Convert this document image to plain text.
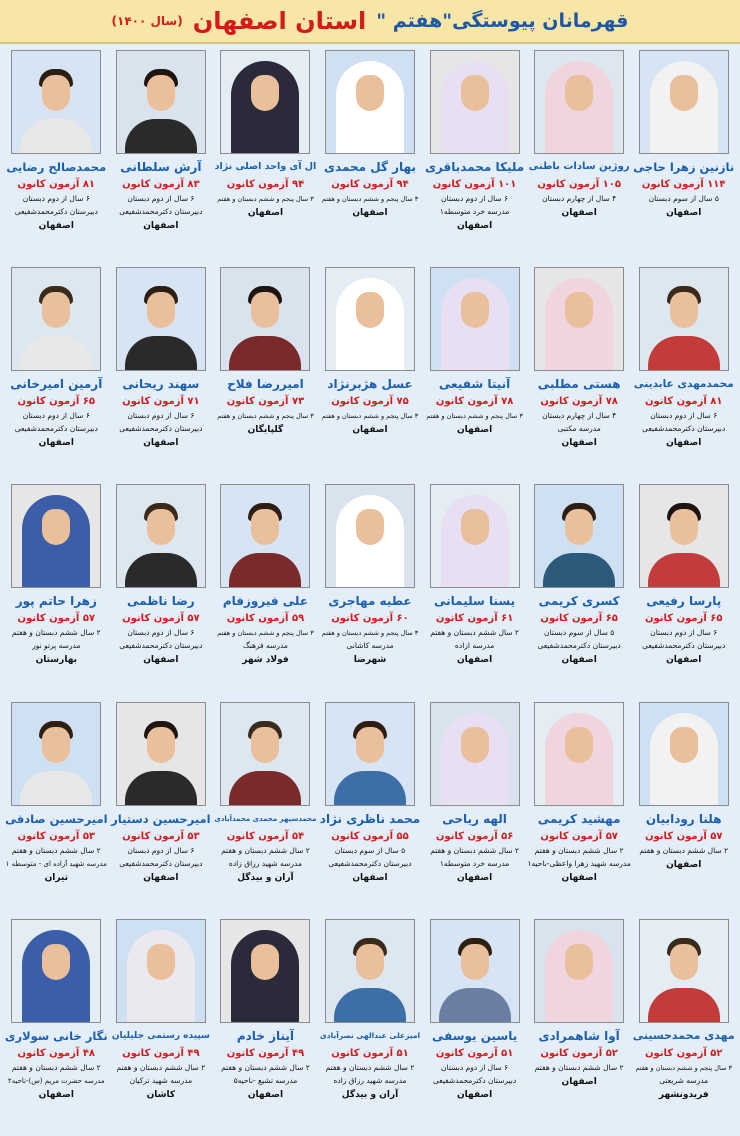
قهرمانان پیوستگی"هفتم "
استان اصفهان
(سال ۱۴۰۰)
نازنین زهرا حاجی
۱۱۴ آزمون کانون
۵ سال از سوم دبستان
اصفهان
روژین سادات باطنی
۱۰۵ آزمون کانون
۴ سال از چهارم دبستان
اصفهان
ملیکا محمدباقری
۱۰۱ آزمون کانون
۶ سال از دوم دبستان
مدرسه خرد متوسطه۱
اصفهان
بهار گل محمدی
۹۴ آزمون کانون
۳ سال پنجم و ششم دبستان و هفتم
اصفهان
ال آی واحد اصلی نژاد
۹۴ آزمون کانون
۳ سال پنجم و ششم دبستان و هفتم
اصفهان
آرش سلطانی
۸۳ آزمون کانون
۶ سال از دوم دبستان
دبیرستان دکترمحمدشفیعی
اصفهان
محمدصالح رضایی
۸۱ آزمون کانون
۶ سال از دوم دبستان
دبیرستان دکترمحمدشفیعی
اصفهان
محمدمهدی عابدینی
۸۱ آزمون کانون
۶ سال از دوم دبستان
دبیرستان دکترمحمدشفیعی
اصفهان
هستی مطلبی
۷۸ آزمون کانون
۴ سال از چهارم دبستان
مدرسه مکتبی
اصفهان
آنیتا شفیعی
۷۸ آزمون کانون
۳ سال پنجم و ششم دبستان و هفتم
اصفهان
عسل هژبرنژاد
۷۵ آزمون کانون
۳ سال پنجم و ششم دبستان و هفتم
اصفهان
امیررضا فلاح
۷۳ آزمون کانون
۳ سال پنجم و ششم دبستان و هفتم
گلپایگان
سهند ریحانی
۷۱ آزمون کانون
۶ سال از دوم دبستان
دبیرستان دکترمحمدشفیعی
اصفهان
آرمین امیرخانی
۶۵ آزمون کانون
۶ سال از دوم دبستان
دبیرستان دکترمحمدشفیعی
اصفهان
پارسا رفیعی
۶۵ آزمون کانون
۶ سال از دوم دبستان
دبیرستان دکترمحمدشفیعی
اصفهان
کسری کریمی
۶۵ آزمون کانون
۵ سال از سوم دبستان
دبیرستان دکترمحمدشفیعی
اصفهان
یسنا سلیمانی
۶۱ آزمون کانون
۲ سال ششم دبستان و هفتم
مدرسه ازاده
اصفهان
عطیه مهاجری
۶۰ آزمون کانون
۳ سال پنجم و ششم دبستان و هفتم
مدرسه کاشانی
شهرضا
علی فیروزفام
۵۹ آزمون کانون
۳ سال پنجم و ششم دبستان و هفتم
مدرسه فرهنگ
فولاد شهر
رضا ناظمی
۵۷ آزمون کانون
۶ سال از دوم دبستان
دبیرستان دکترمحمدشفیعی
اصفهان
زهرا حاتم پور
۵۷ آزمون کانون
۲ سال ششم دبستان و هفتم
مدرسه پرتو نور
بهارستان
هلنا رودابیان
۵۷ آزمون کانون
۲ سال ششم دبستان و هفتم
اصفهان
مهشید کریمی
۵۷ آزمون کانون
۲ سال ششم دبستان و هفتم
مدرسه شهید زهرا واعظی-ناحیه۱
اصفهان
الهه ریاحی
۵۶ آزمون کانون
۲ سال ششم دبستان و هفتم
مدرسه خرد متوسطه۱
اصفهان
محمد ناظری نژاد
۵۵ آزمون کانون
۵ سال از سوم دبستان
دبیرستان دکترمحمدشفیعی
اصفهان
محمدسپهر محمدی محمدآبادی
۵۴ آزمون کانون
۲ سال ششم دبستان و هفتم
مدرسه شهید رزاق زاده
آران و بیدگل
امیرحسین دستیار
۵۳ آزمون کانون
۶ سال از دوم دبستان
دبیرستان دکترمحمدشفیعی
اصفهان
امیرحسین صادقی
۵۳ آزمون کانون
۲ سال ششم دبستان و هفتم
مدرسه شهید آزاده ای - متوسطه ۱
تیران
مهدی محمدحسینی
۵۲ آزمون کانون
۳ سال پنجم و ششم دبستان و هفتم
مدرسه شریعتی
فریدونشهر
آوا شاهمرادی
۵۲ آزمون کانون
۲ سال ششم دبستان و هفتم
اصفهان
یاسین یوسفی
۵۱ آزمون کانون
۶ سال از دوم دبستان
دبیرستان دکترمحمدشفیعی
اصفهان
امیرعلی عبدالهی نصرآبادی
۵۱ آزمون کانون
۲ سال ششم دبستان و هفتم
مدرسه شهید رزاق زاده
آران و بیدگل
آیناز خادم
۴۹ آزمون کانون
۲ سال ششم دبستان و هفتم
مدرسه تشیع -ناحیه۵
اصفهان
سپیده رستمی جلیلیان
۴۹ آزمون کانون
۲ سال ششم دبستان و هفتم
مدرسه شهید ترکیان
کاشان
نگار خانی سولاری
۴۸ آزمون کانون
۲ سال ششم دبستان و هفتم
مدرسه حضرت مریم (س)-ناحیه۲
اصفهان
